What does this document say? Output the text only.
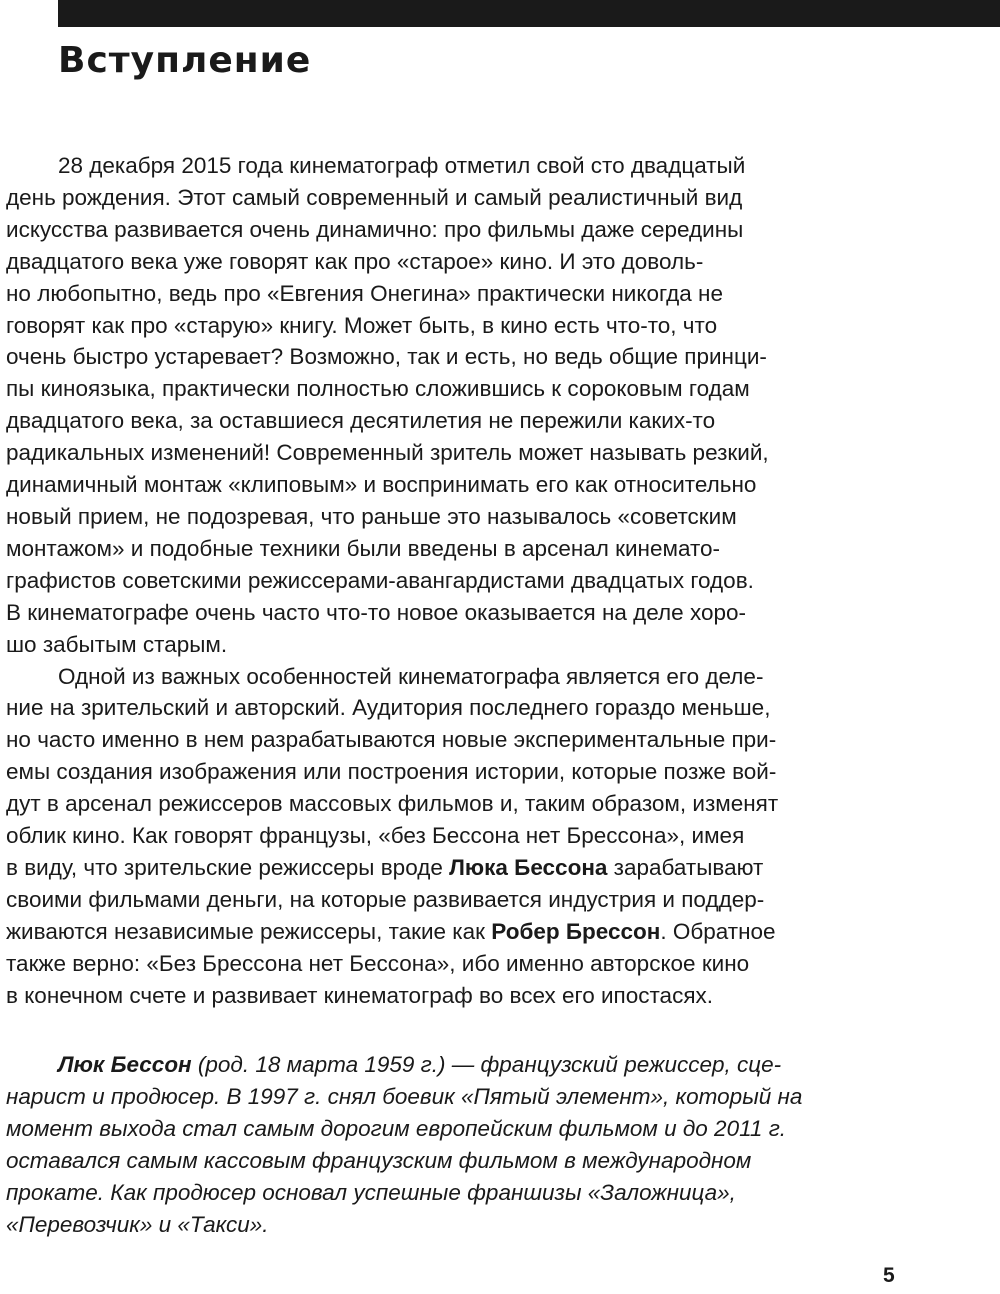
Вступление
28 декабря 2015 года кинематограф отметил свой сто двадцатый
день рождения. Этот самый современный и самый реалистичный вид
искусства развивается очень динамично: про фильмы даже середины
двадцатого века уже говорят как про «старое» кино. И это доволь-
но любопытно, ведь про «Евгения Онегина» практически никогда не
говорят как про «старую» книгу. Может быть, в кино есть что-то, что
очень быстро устаревает? Возможно, так и есть, но ведь общие принци-
пы киноязыка, практически полностью сложившись к сороковым годам
двадцатого века, за оставшиеся десятилетия не пережили каких-то
радикальных изменений! Современный зритель может называть резкий,
динамичный монтаж «клиповым» и воспринимать его как относительно
новый прием, не подозревая, что раньше это называлось «советским
монтажом» и подобные техники были введены в арсенал кинемато-
графистов советскими режиссерами-авангардистами двадцатых годов.
В кинематографе очень часто что-то новое оказывается на деле хоро-
шо забытым старым.
Одной из важных особенностей кинематографа является его деле-
ние на зрительский и авторский. Аудитория последнего гораздо меньше,
но часто именно в нем разрабатываются новые экспериментальные при-
емы создания изображения или построения истории, которые позже вой-
дут в арсенал режиссеров массовых фильмов и, таким образом, изменят
облик кино. Как говорят французы, «без Бессона нет Брессона», имея
в виду, что зрительские режиссеры вроде Люка Бессона зарабатывают
своими фильмами деньги, на которые развивается индустрия и поддер-
живаются независимые режиссеры, такие как Робер Брессон. Обратное
также верно: «Без Брессона нет Бессона», ибо именно авторское кино
в конечном счете и развивает кинематограф во всех его ипостасях.
Люк Бессон (род. 18 марта 1959 г.) — французский режиссер, сце-
нарист и продюсер. В 1997 г. снял боевик «Пятый элемент», который на
момент выхода стал самым дорогим европейским фильмом и до 2011 г.
оставался самым кассовым французским фильмом в международном
прокате. Как продюсер основал успешные франшизы «Заложница»,
«Перевозчик» и «Такси».
5
